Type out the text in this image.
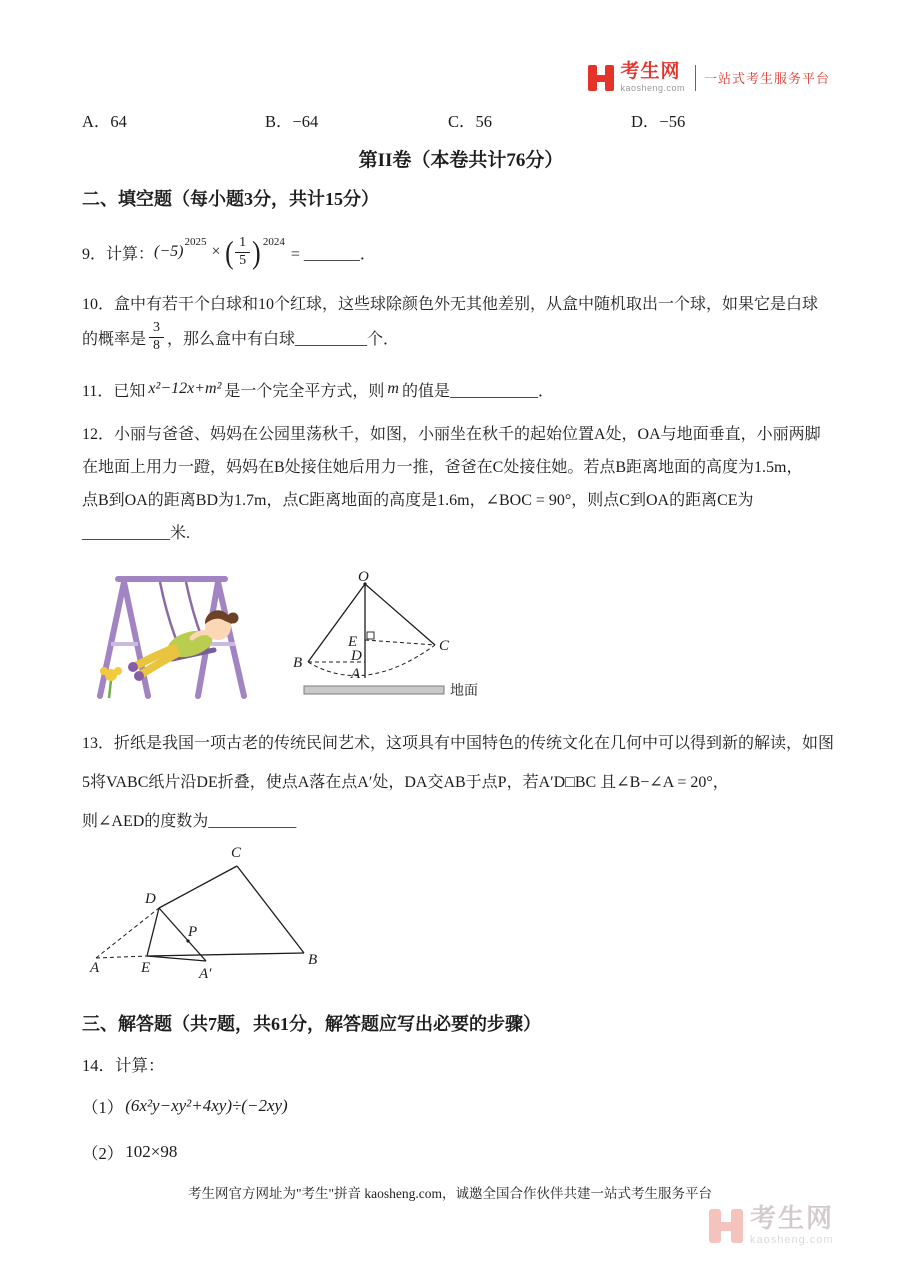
考生网
kaosheng.com
一站式考生服务平台
A．64	B．−64	C．56	D．−56
第II卷（本卷共计76分）
二、填空题（每小题3分，共计15分）
9．计算： (−5)
$^{2025}$
× ( $\frac{1}{5} )^{2024}$
= _______．
10．盒中有若干个白球和10个红球，这些球除颜色外无其他差别，从盒中随机取出一个球，如果它是白球
的概率是 $\frac{3}{8}$ ，那么盒中有白球_________个．
11．已知 x²−12x+m² 是一个完全平方式，则 m 的值是___________．
12．小丽与爸爸、妈妈在公园里荡秋千，如图，小丽坐在秋千的起始位置A处，OA与地面垂直，小丽两脚
在地面上用力一蹬，妈妈在B处接住她后用力一推，爸爸在C处接住她。若点B距离地面的高度为1.5m，
点B到OA的距离BD为1.7m，点C距离地面的高度是1.6m，∠BOC = 90°，则点C到OA的距离CE为
___________米.
O
B
C
E
D
A
地面
13．折纸是我国一项古老的传统民间艺术，这项具有中国特色的传统文化在几何中可以得到新的解读，如图
5将VABC纸片沿DE折叠，使点A落在点A′处，DA交AB于点P，若A′D□BC 且∠B−∠A = 20°，
则∠AED的度数为___________
A	E	A′
B
C
D
P
三、解答题（共7题，共61分，解答题应写出必要的步骤）
14．计算：
（1） (6x²y−xy²+4xy)÷(−2xy)
（2） 102×98
考生网官方网址为"考生"拼音 kaosheng.com，诚邀全国合作伙伴共建一站式考生服务平台
考生网
kaosheng.com
